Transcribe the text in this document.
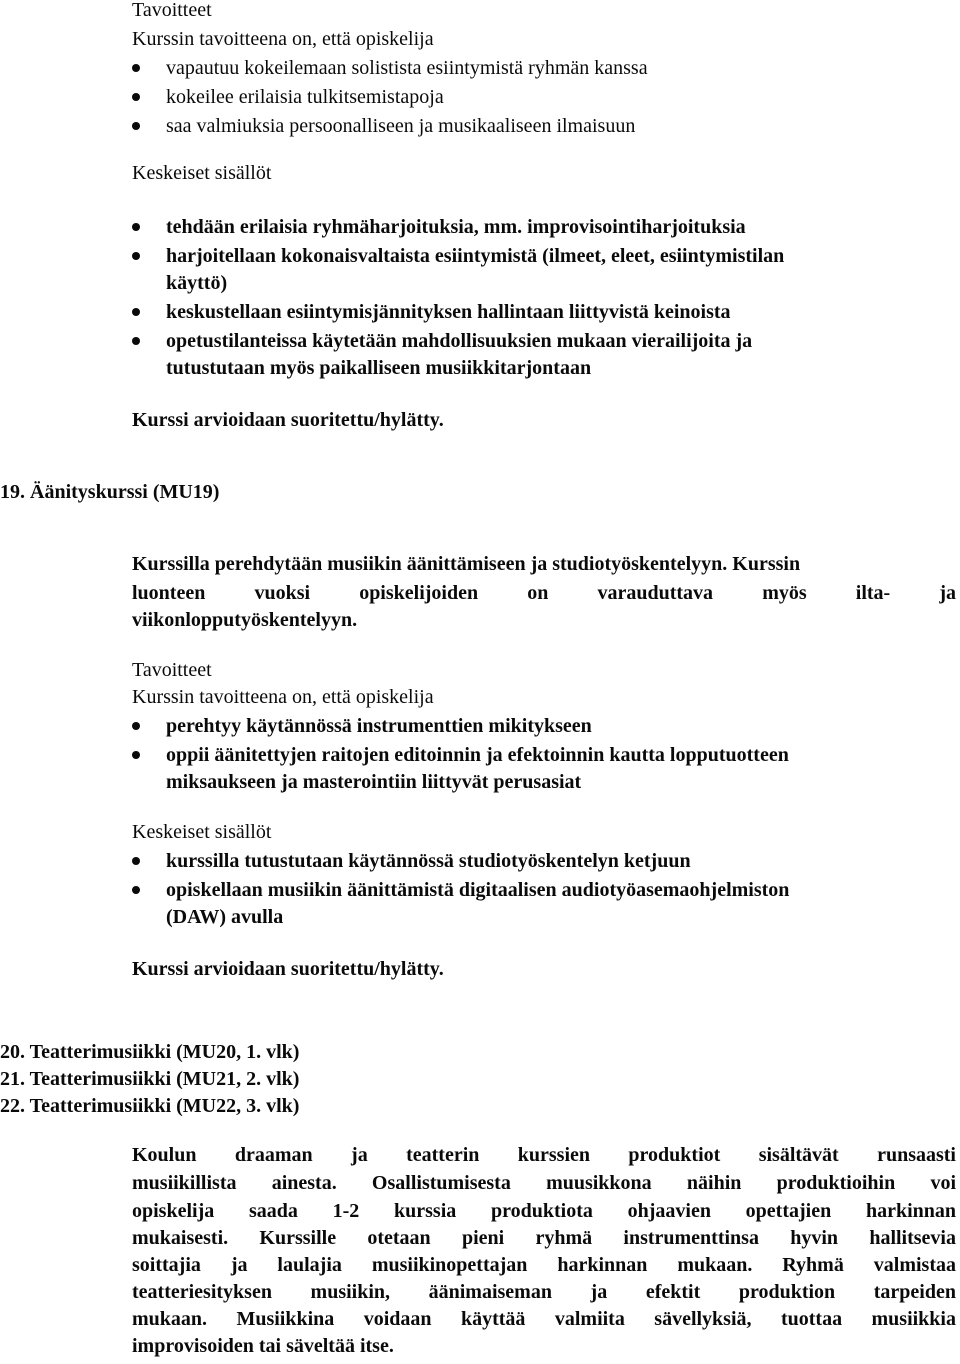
Tavoitteet
Kurssin tavoitteena on, että opiskelija
vapautuu kokeilemaan solistista esiintymistä ryhmän kanssa
kokeilee erilaisia tulkitsemistapoja
saa valmiuksia persoonalliseen ja musikaaliseen ilmaisuun
Keskeiset sisällöt
tehdään erilaisia ryhmäharjoituksia, mm. improvisointiharjoituksia
harjoitellaan kokonaisvaltaista esiintymistä (ilmeet, eleet, esiintymistilan
käyttö)
keskustellaan esiintymisjännityksen hallintaan liittyvistä keinoista
opetustilanteissa käytetään mahdollisuuksien mukaan vierailijoita ja
tutustutaan myös paikalliseen musiikkitarjontaan
Kurssi arvioidaan suoritettu/hylätty.
19. Äänityskurssi (MU19)
Kurssilla perehdytään musiikin äänittämiseen ja studiotyöskentelyyn. Kurssin
luonteen vuoksi opiskelijoiden on varauduttava myös ilta- ja
viikonlopputyöskentelyyn.
Tavoitteet
Kurssin tavoitteena on, että opiskelija
perehtyy käytännössä instrumenttien mikitykseen
oppii äänitettyjen raitojen editoinnin ja efektoinnin kautta lopputuotteen
miksaukseen ja masterointiin liittyvät perusasiat
Keskeiset sisällöt
kurssilla tutustutaan käytännössä studiotyöskentelyn ketjuun
opiskellaan musiikin äänittämistä digitaalisen audiotyöasemaohjelmiston
(DAW) avulla
Kurssi arvioidaan suoritettu/hylätty.
20. Teatterimusiikki (MU20, 1. vlk)
21. Teatterimusiikki (MU21, 2. vlk)
22. Teatterimusiikki (MU22, 3. vlk)
Koulun draaman ja teatterin kurssien produktiot sisältävät runsaasti
musiikillista ainesta. Osallistumisesta muusikkona näihin produktioihin voi
opiskelija saada 1-2 kurssia produktiota ohjaavien opettajien harkinnan
mukaisesti. Kurssille otetaan pieni ryhmä instrumenttinsa hyvin hallitsevia
soittajia ja laulajia musiikinopettajan harkinnan mukaan. Ryhmä valmistaa
teatteriesityksen musiikin, äänimaiseman ja efektit produktion tarpeiden
mukaan. Musiikkina voidaan käyttää valmiita sävellyksiä, tuottaa musiikkia
improvisoiden tai säveltää itse.
